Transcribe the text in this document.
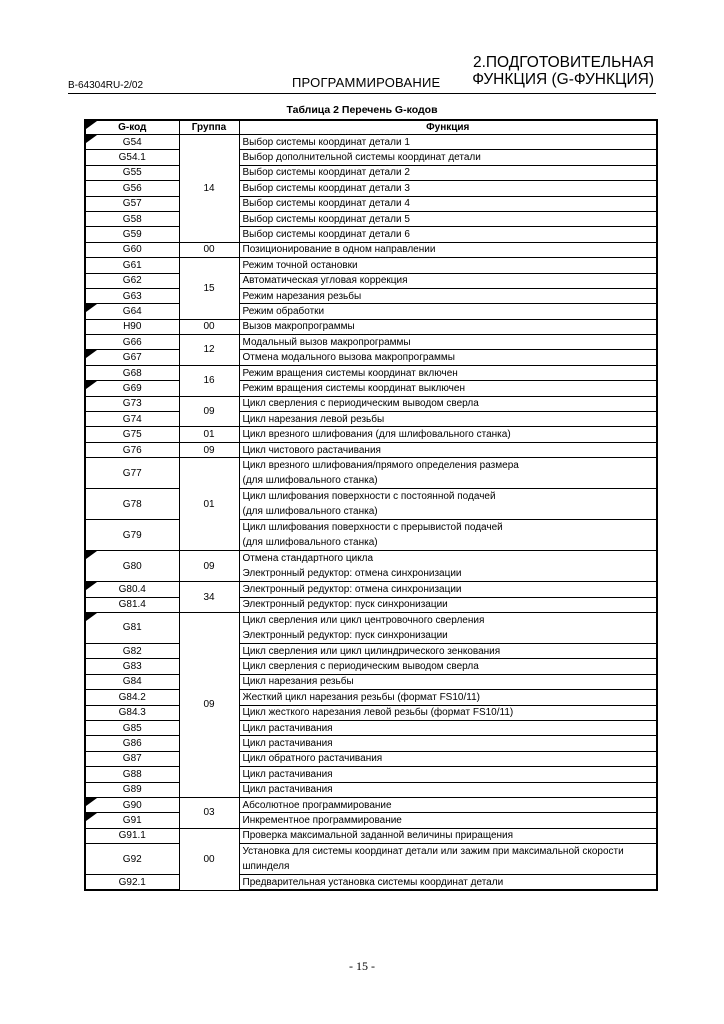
B-64304RU-2/02	ПРОГРАММИРОВАНИЕ
2.ПОДГОТОВИТЕЛЬНАЯ
ФУНКЦИЯ (G-ФУНКЦИЯ)
Таблица 2 Перечень G-кодов
G-код	Группа	Функция

G54	14	Выбор системы координат детали 1
G54.1		Выбор дополнительной системы координат детали
G55		Выбор системы координат детали 2
G56		Выбор системы координат детали 3
G57		Выбор системы координат детали 4
G58		Выбор системы координат детали 5
G59		Выбор системы координат детали 6
G60	00	Позиционирование в одном направлении
G61	15	Режим точной остановки
G62		Автоматическая угловая коррекция
G63		Режим нарезания резьбы

G64		Режим обработки
H90	00	Вызов макропрограммы
G66	12	Модальный вызов макропрограммы

G67		Отмена модального вызова макропрограммы
G68	16	Режим вращения системы координат включен

G69		Режим вращения системы координат выключен
G73	09	Цикл сверления с периодическим выводом сверла
G74		Цикл нарезания левой резьбы
G75	01	Цикл врезного шлифования (для шлифовального станка)
G76	09	Цикл чистового растачивания
G77	01	Цикл врезного шлифования/прямого определения размера
(для шлифовального станка)

G78		Цикл шлифования поверхности с постоянной подачей
(для шлифовального станка)

G79		Цикл шлифования поверхности с прерывистой подачей
(для шлифовального станка)

G80	09	Отмена стандартного цикла
Электронный редуктор: отмена синхронизации

G80.4	34	Электронный редуктор: отмена синхронизации
G81.4		Электронный редуктор: пуск синхронизации

G81	09	Цикл сверления или цикл центровочного сверления
Электронный редуктор: пуск синхронизации

G82		Цикл сверления или цикл цилиндрического зенкования
G83		Цикл сверления с периодическим выводом сверла
G84		Цикл нарезания резьбы
G84.2		Жесткий цикл нарезания резьбы (формат FS10/11)
G84.3		Цикл жесткого нарезания левой резьбы (формат FS10/11)
G85		Цикл растачивания
G86		Цикл растачивания
G87		Цикл обратного растачивания
G88		Цикл растачивания
G89		Цикл растачивания

G90	03	Абсолютное программирование

G91		Инкрементное программирование
G91.1	00	Проверка максимальной заданной величины приращения
G92		Установка для системы координат детали или зажим при максимальной скорости
шпинделя

G92.1		Предварительная установка системы координат детали
- 15 -
